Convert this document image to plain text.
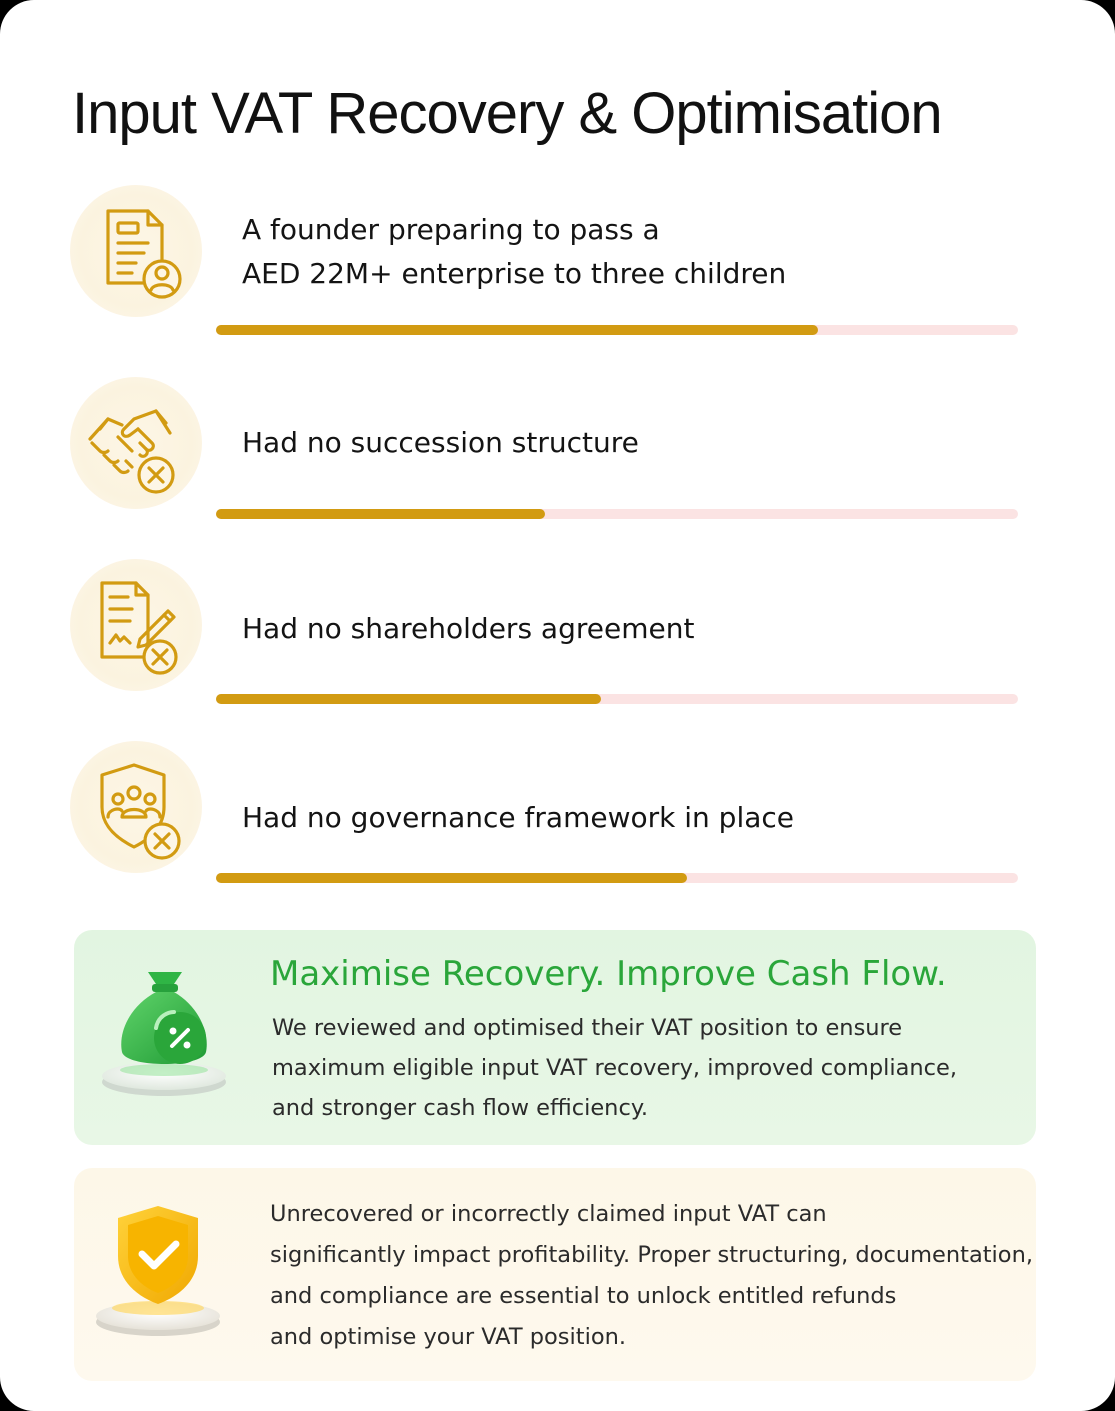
Input VAT Recovery & Optimisation

A founder preparing to pass a
AED 22M+ enterprise to three children

Had no succession structure

Had no shareholders agreement

Had no governance framework in place

Maximise Recovery. Improve Cash Flow.

We reviewed and optimised their VAT position to ensure
maximum eligible input VAT recovery, improved compliance,
and stronger cash flow efficiency.

Unrecovered or incorrectly claimed input VAT can
significantly impact profitability. Proper structuring, documentation,
and compliance are essential to unlock entitled refunds
and optimise your VAT position.
